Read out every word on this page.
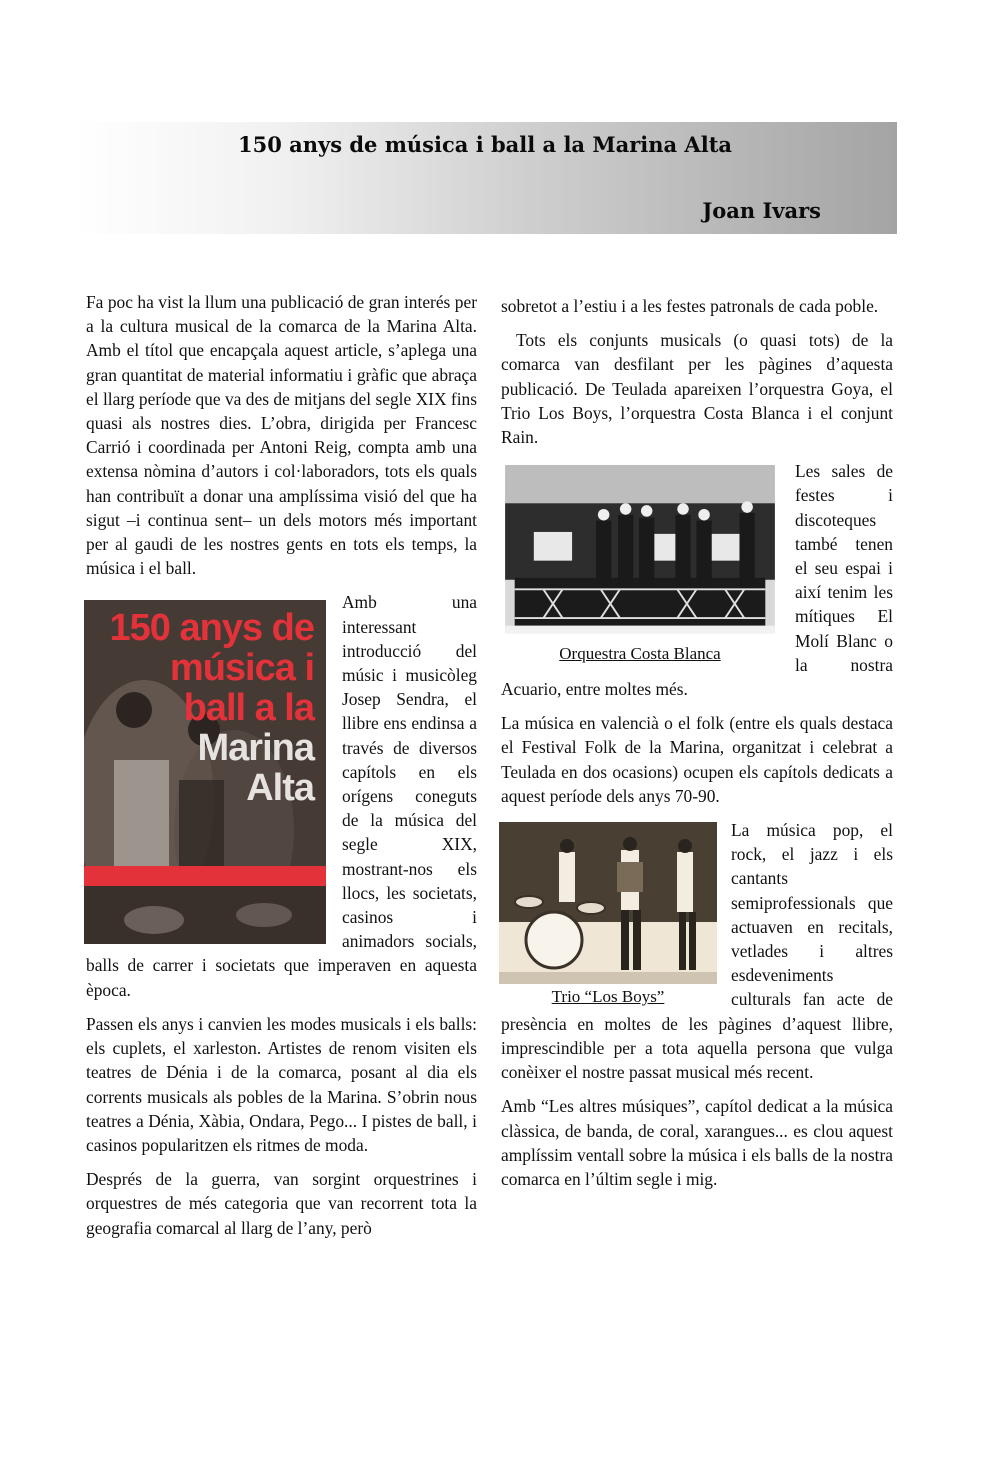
150 anys de música i ball a la Marina Alta
Joan Ivars

Fa poc ha vist la llum una publicació de gran interés per a la cultura musical de la comarca de la Marina Alta. Amb el títol que encapçala aquest article, s’aplega una gran quantitat de material informatiu i gràfic que abraça el llarg període que va des de mitjans del segle XIX fins quasi als nostres dies. L’obra, dirigida per Francesc Carrió i coordinada per Antoni Reig, compta amb una extensa nòmina d’autors i col·laboradors, tots els quals han contribuït a donar una amplíssima visió del que ha sigut –i continua sent– un dels motors més important per al gaudi de les nostres gents en tots els temps, la música i el ball.

150 anys de
música i
ball a la
Marina
Alta

Amb una interessant introducció del músic i musicòleg Josep Sendra, el llibre ens endinsa a través de diversos capítols en els orígens coneguts de la música del segle XIX, mostrant-nos els llocs, les societats, casinos i animadors socials, balls de carrer i societats que imperaven en aquesta època.

Passen els anys i canvien les modes musicals i els balls: els cuplets, el xarleston. Artistes de renom visiten els teatres de Dénia i de la comarca, posant al dia els corrents musicals als pobles de la Marina. S’obrin nous teatres a Dénia, Xàbia, Ondara, Pego... I pistes de ball, i casinos popularitzen els ritmes de moda.

Després de la guerra, van sorgint orquestrines i orquestres de més categoria que van recorrent tota la geografia comarcal al llarg de l’any, però

sobretot a l’estiu i a les festes patronals de cada poble.

Tots els conjunts musicals (o quasi tots) de la comarca van desfilant per les pàgines d’aquesta publicació. De Teulada apareixen l’orquestra Goya, el Trio Los Boys, l’orquestra Costa Blanca i el conjunt Rain.

Orquestra Costa Blanca

Les sales de festes i discoteques també tenen el seu espai i així tenim les mítiques El Molí Blanc o la nostra Acuario, entre moltes més.

La música en valencià o el folk (entre els quals destaca el Festival Folk de la Marina, organitzat i celebrat a Teulada en dos ocasions) ocupen els capítols dedicats a aquest període dels anys 70-90.

Trio “Los Boys”

La música pop, el rock, el jazz i els cantants semiprofessionals que actuaven en recitals, vetlades i altres esdeveniments culturals fan acte de presència en moltes de les pàgines d’aquest llibre, imprescindible per a tota aquella persona que vulga conèixer el nostre passat musical més recent.

Amb “Les altres músiques”, capítol dedicat a la música clàssica, de banda, de coral, xarangues... es clou aquest amplíssim ventall sobre la música i els balls de la nostra comarca en l’últim segle i mig.
